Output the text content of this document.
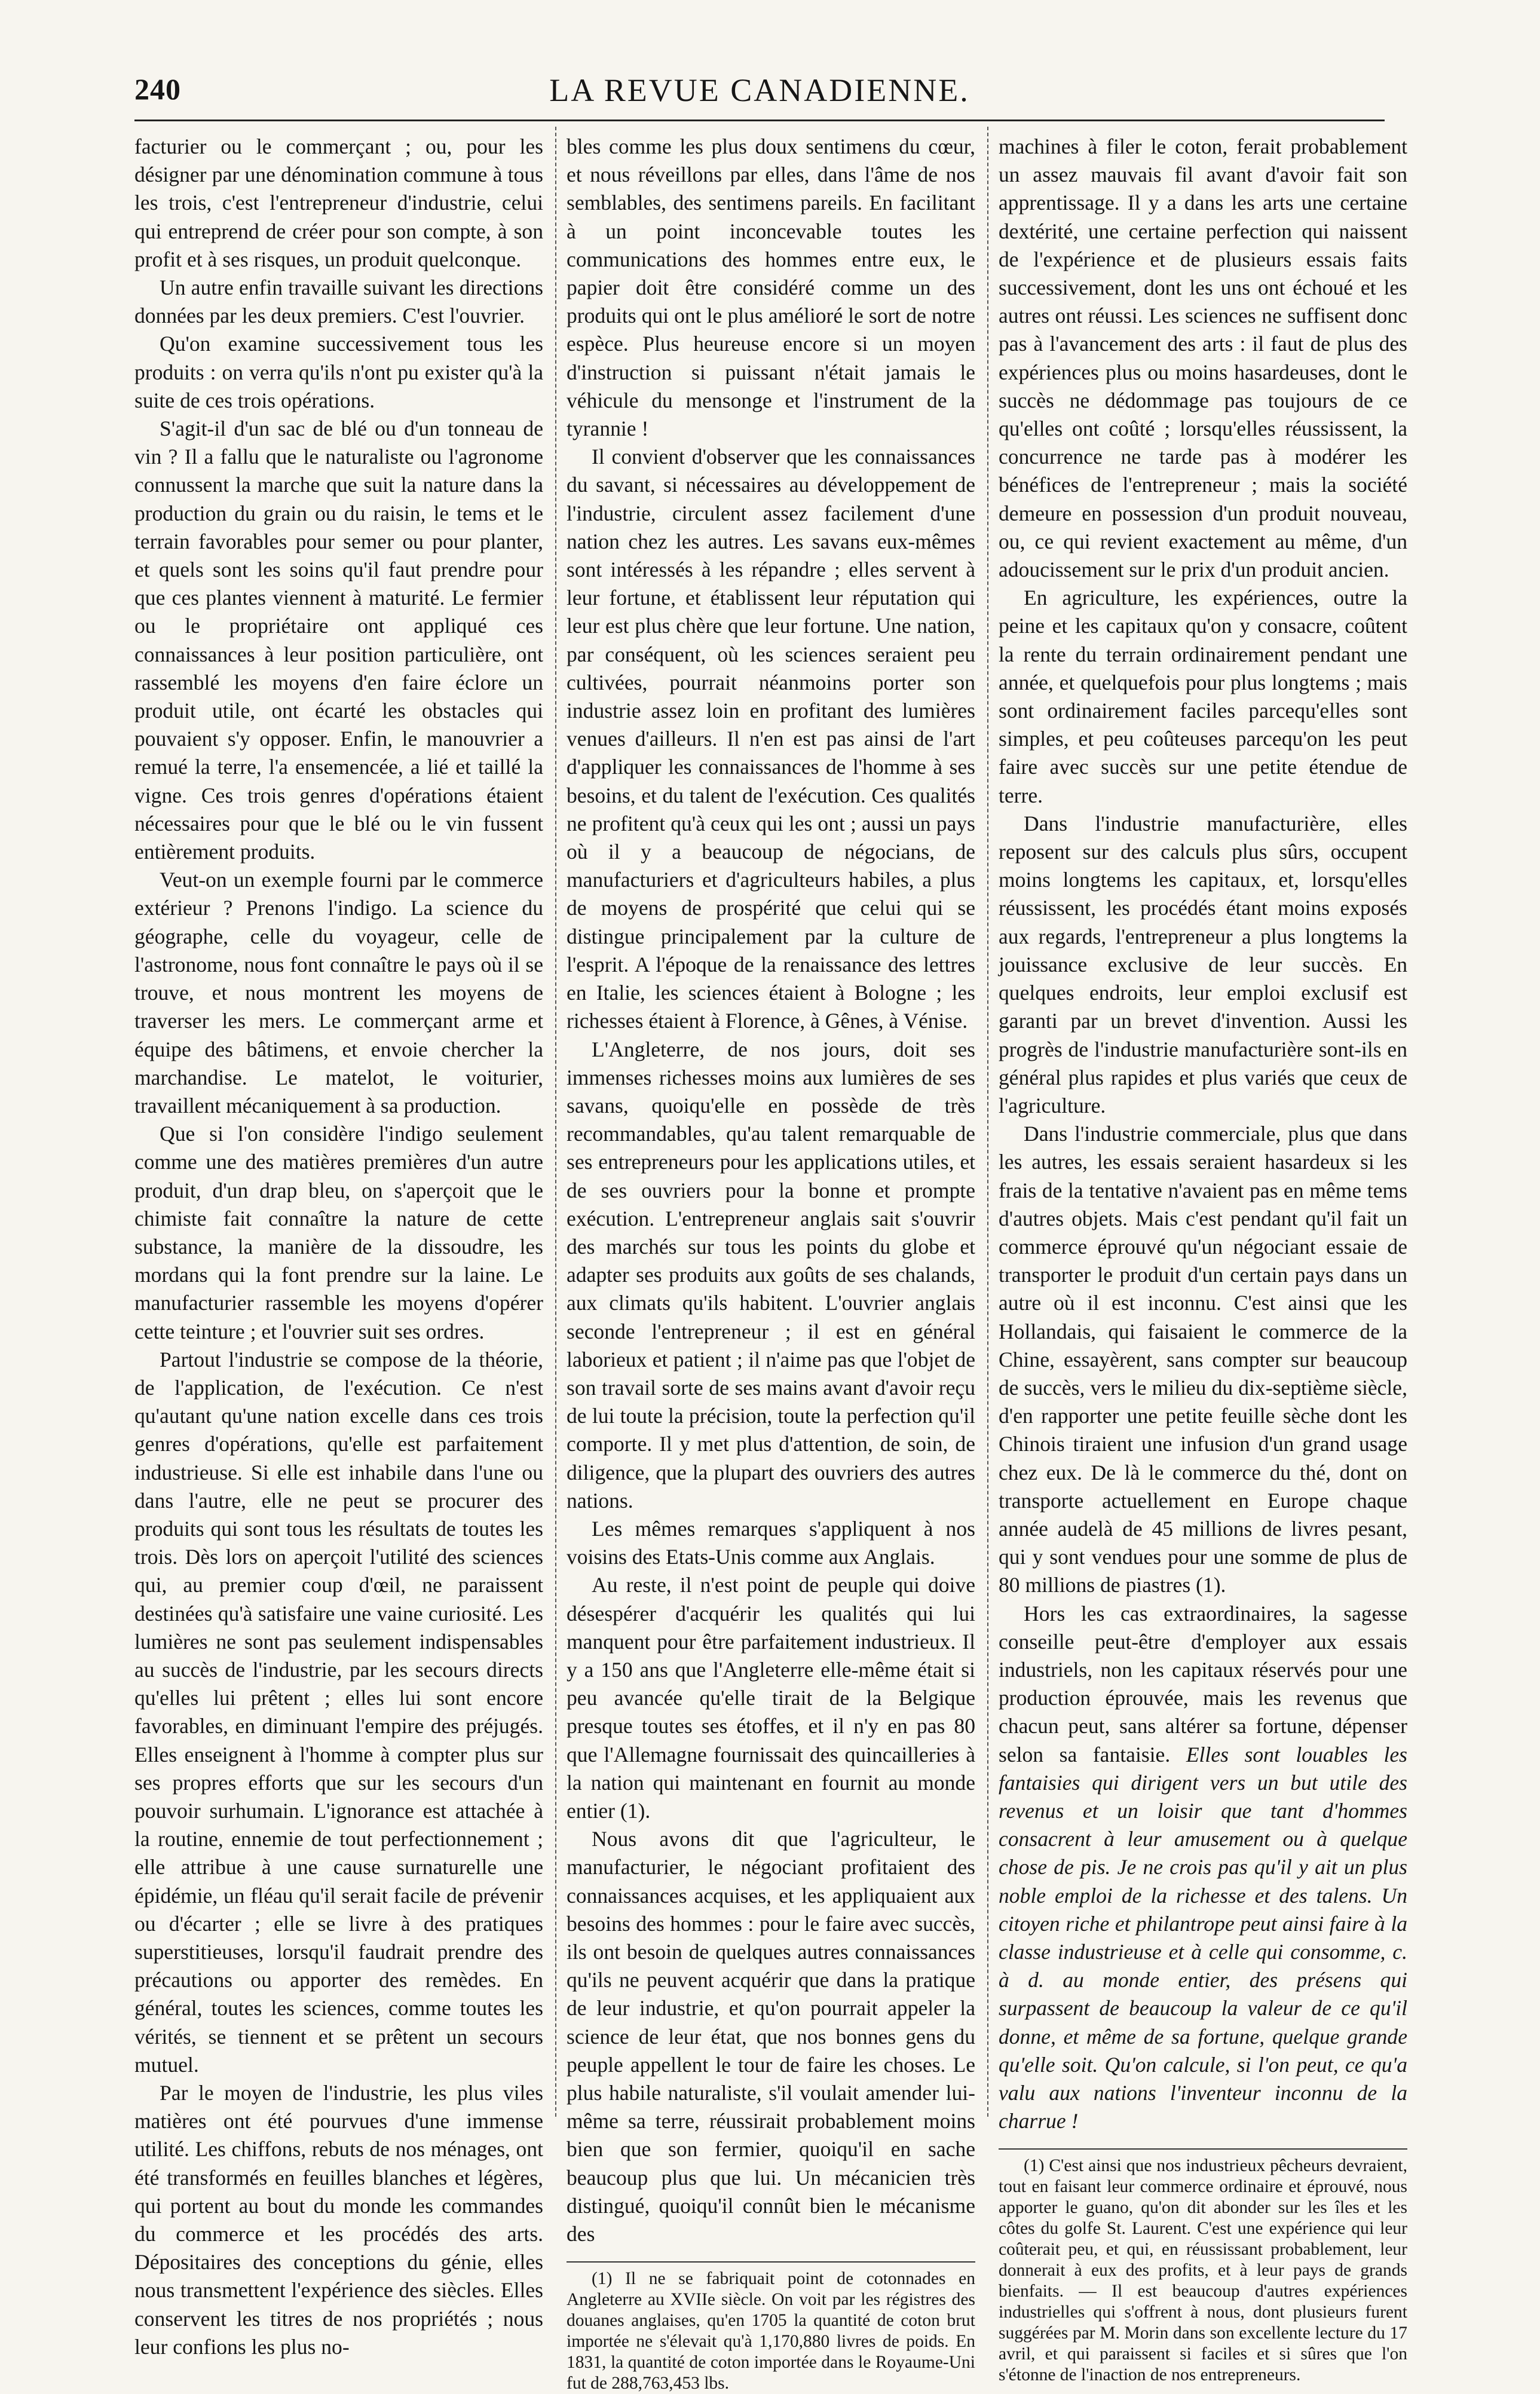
240	LA REVUE CANADIENNE.

facturier ou le commerçant ; ou, pour les désigner par une dénomination commune à tous les trois, c'est l'entrepreneur d'industrie, celui qui entreprend de créer pour son compte, à son profit et à ses risques, un produit quelconque.

Un autre enfin travaille suivant les directions données par les deux premiers. C'est l'ouvrier.

Qu'on examine successivement tous les produits : on verra qu'ils n'ont pu exister qu'à la suite de ces trois opérations.

S'agit-il d'un sac de blé ou d'un tonneau de vin ? Il a fallu que le naturaliste ou l'agronome connussent la marche que suit la nature dans la production du grain ou du raisin, le tems et le terrain favorables pour semer ou pour planter, et quels sont les soins qu'il faut prendre pour que ces plantes viennent à maturité. Le fermier ou le propriétaire ont appliqué ces connaissances à leur position particulière, ont rassemblé les moyens d'en faire éclore un produit utile, ont écarté les obstacles qui pouvaient s'y opposer. Enfin, le manouvrier a remué la terre, l'a ensemencée, a lié et taillé la vigne. Ces trois genres d'opérations étaient nécessaires pour que le blé ou le vin fussent entièrement produits.

Veut-on un exemple fourni par le commerce extérieur ? Prenons l'indigo. La science du géographe, celle du voyageur, celle de l'astronome, nous font connaître le pays où il se trouve, et nous montrent les moyens de traverser les mers. Le commerçant arme et équipe des bâtimens, et envoie chercher la marchandise. Le matelot, le voiturier, travaillent mécaniquement à sa production.

Que si l'on considère l'indigo seulement comme une des matières premières d'un autre produit, d'un drap bleu, on s'aperçoit que le chimiste fait connaître la nature de cette substance, la manière de la dissoudre, les mordans qui la font prendre sur la laine. Le manufacturier rassemble les moyens d'opérer cette teinture ; et l'ouvrier suit ses ordres.

Partout l'industrie se compose de la théorie, de l'application, de l'exécution. Ce n'est qu'autant qu'une nation excelle dans ces trois genres d'opérations, qu'elle est parfaitement industrieuse. Si elle est inhabile dans l'une ou dans l'autre, elle ne peut se procurer des produits qui sont tous les résultats de toutes les trois. Dès lors on aperçoit l'utilité des sciences qui, au premier coup d'œil, ne paraissent destinées qu'à satisfaire une vaine curiosité. Les lumières ne sont pas seulement indispensables au succès de l'industrie, par les secours directs qu'elles lui prêtent ; elles lui sont encore favorables, en diminuant l'empire des préjugés. Elles enseignent à l'homme à compter plus sur ses propres efforts que sur les secours d'un pouvoir surhumain. L'ignorance est attachée à la routine, ennemie de tout perfectionnement ; elle attribue à une cause surnaturelle une épidémie, un fléau qu'il serait facile de prévenir ou d'écarter ; elle se livre à des pratiques superstitieuses, lorsqu'il faudrait prendre des précautions ou apporter des remèdes. En général, toutes les sciences, comme toutes les vérités, se tiennent et se prêtent un secours mutuel.

Par le moyen de l'industrie, les plus viles matières ont été pourvues d'une immense utilité. Les chiffons, rebuts de nos ménages, ont été transformés en feuilles blanches et légères, qui portent au bout du monde les commandes du commerce et les procédés des arts. Dépositaires des conceptions du génie, elles nous transmettent l'expérience des siècles. Elles conservent les titres de nos propriétés ; nous leur confions les plus no-

bles comme les plus doux sentimens du cœur, et nous réveillons par elles, dans l'âme de nos semblables, des sentimens pareils. En facilitant à un point inconcevable toutes les communications des hommes entre eux, le papier doit être considéré comme un des produits qui ont le plus amélioré le sort de notre espèce. Plus heureuse encore si un moyen d'instruction si puissant n'était jamais le véhicule du mensonge et l'instrument de la tyrannie !

Il convient d'observer que les connaissances du savant, si nécessaires au développement de l'industrie, circulent assez facilement d'une nation chez les autres. Les savans eux-mêmes sont intéressés à les répandre ; elles servent à leur fortune, et établissent leur réputation qui leur est plus chère que leur fortune. Une nation, par conséquent, où les sciences seraient peu cultivées, pourrait néanmoins porter son industrie assez loin en profitant des lumières venues d'ailleurs. Il n'en est pas ainsi de l'art d'appliquer les connaissances de l'homme à ses besoins, et du talent de l'exécution. Ces qualités ne profitent qu'à ceux qui les ont ; aussi un pays où il y a beaucoup de négocians, de manufacturiers et d'agriculteurs habiles, a plus de moyens de prospérité que celui qui se distingue principalement par la culture de l'esprit. A l'époque de la renaissance des lettres en Italie, les sciences étaient à Bologne ; les richesses étaient à Florence, à Gênes, à Vénise.

L'Angleterre, de nos jours, doit ses immenses richesses moins aux lumières de ses savans, quoiqu'elle en possède de très recommandables, qu'au talent remarquable de ses entrepreneurs pour les applications utiles, et de ses ouvriers pour la bonne et prompte exécution. L'entrepreneur anglais sait s'ouvrir des marchés sur tous les points du globe et adapter ses produits aux goûts de ses chalands, aux climats qu'ils habitent. L'ouvrier anglais seconde l'entrepreneur ; il est en général laborieux et patient ; il n'aime pas que l'objet de son travail sorte de ses mains avant d'avoir reçu de lui toute la précision, toute la perfection qu'il comporte. Il y met plus d'attention, de soin, de diligence, que la plupart des ouvriers des autres nations.

Les mêmes remarques s'appliquent à nos voisins des Etats-Unis comme aux Anglais.

Au reste, il n'est point de peuple qui doive désespérer d'acquérir les qualités qui lui manquent pour être parfaitement industrieux. Il y a 150 ans que l'Angleterre elle-même était si peu avancée qu'elle tirait de la Belgique presque toutes ses étoffes, et il n'y en pas 80 que l'Allemagne fournissait des quincailleries à la nation qui maintenant en fournit au monde entier (1).

Nous avons dit que l'agriculteur, le manufacturier, le négociant profitaient des connaissances acquises, et les appliquaient aux besoins des hommes : pour le faire avec succès, ils ont besoin de quelques autres connaissances qu'ils ne peuvent acquérir que dans la pratique de leur industrie, et qu'on pourrait appeler la science de leur état, que nos bonnes gens du peuple appellent le tour de faire les choses. Le plus habile naturaliste, s'il voulait amender lui-même sa terre, réussirait probablement moins bien que son fermier, quoiqu'il en sache beaucoup plus que lui. Un mécanicien très distingué, quoiqu'il connût bien le mécanisme des

(1) Il ne se fabriquait point de cotonnades en Angleterre au XVIIe siècle. On voit par les régistres des douanes anglaises, qu'en 1705 la quantité de coton brut importée ne s'élevait qu'à 1,170,880 livres de poids. En 1831, la quantité de coton importée dans le Royaume-Uni fut de 288,763,453 lbs.

machines à filer le coton, ferait probablement un assez mauvais fil avant d'avoir fait son apprentissage. Il y a dans les arts une certaine dextérité, une certaine perfection qui naissent de l'expérience et de plusieurs essais faits successivement, dont les uns ont échoué et les autres ont réussi. Les sciences ne suffisent donc pas à l'avancement des arts : il faut de plus des expériences plus ou moins hasardeuses, dont le succès ne dédommage pas toujours de ce qu'elles ont coûté ; lorsqu'elles réussissent, la concurrence ne tarde pas à modérer les bénéfices de l'entrepreneur ; mais la société demeure en possession d'un produit nouveau, ou, ce qui revient exactement au même, d'un adoucissement sur le prix d'un produit ancien.

En agriculture, les expériences, outre la peine et les capitaux qu'on y consacre, coûtent la rente du terrain ordinairement pendant une année, et quelquefois pour plus longtems ; mais sont ordinairement faciles parcequ'elles sont simples, et peu coûteuses parcequ'on les peut faire avec succès sur une petite étendue de terre.

Dans l'industrie manufacturière, elles reposent sur des calculs plus sûrs, occupent moins longtems les capitaux, et, lorsqu'elles réussissent, les procédés étant moins exposés aux regards, l'entrepreneur a plus longtems la jouissance exclusive de leur succès. En quelques endroits, leur emploi exclusif est garanti par un brevet d'invention. Aussi les progrès de l'industrie manufacturière sont-ils en général plus rapides et plus variés que ceux de l'agriculture.

Dans l'industrie commerciale, plus que dans les autres, les essais seraient hasardeux si les frais de la tentative n'avaient pas en même tems d'autres objets. Mais c'est pendant qu'il fait un commerce éprouvé qu'un négociant essaie de transporter le produit d'un certain pays dans un autre où il est inconnu. C'est ainsi que les Hollandais, qui faisaient le commerce de la Chine, essayèrent, sans compter sur beaucoup de succès, vers le milieu du dix-septième siècle, d'en rapporter une petite feuille sèche dont les Chinois tiraient une infusion d'un grand usage chez eux. De là le commerce du thé, dont on transporte actuellement en Europe chaque année audelà de 45 millions de livres pesant, qui y sont vendues pour une somme de plus de 80 millions de piastres (1).

Hors les cas extraordinaires, la sagesse conseille peut-être d'employer aux essais industriels, non les capitaux réservés pour une production éprouvée, mais les revenus que chacun peut, sans altérer sa fortune, dépenser selon sa fantaisie. Elles sont louables les fantaisies qui dirigent vers un but utile des revenus et un loisir que tant d'hommes consacrent à leur amusement ou à quelque chose de pis. Je ne crois pas qu'il y ait un plus noble emploi de la richesse et des talens. Un citoyen riche et philantrope peut ainsi faire à la classe industrieuse et à celle qui consomme, c. à d. au monde entier, des présens qui surpassent de beaucoup la valeur de ce qu'il donne, et même de sa fortune, quelque grande qu'elle soit. Qu'on calcule, si l'on peut, ce qu'a valu aux nations l'inventeur inconnu de la charrue !

(1) C'est ainsi que nos industrieux pêcheurs devraient, tout en faisant leur commerce ordinaire et éprouvé, nous apporter le guano, qu'on dit abonder sur les îles et les côtes du golfe St. Laurent. C'est une expérience qui leur coûterait peu, et qui, en réussissant probablement, leur donnerait à eux des profits, et à leur pays de grands bienfaits. — Il est beaucoup d'autres expériences industrielles qui s'offrent à nous, dont plusieurs furent suggérées par M. Morin dans son excellente lecture du 17 avril, et qui paraissent si faciles et si sûres que l'on s'étonne de l'inaction de nos entrepreneurs.
